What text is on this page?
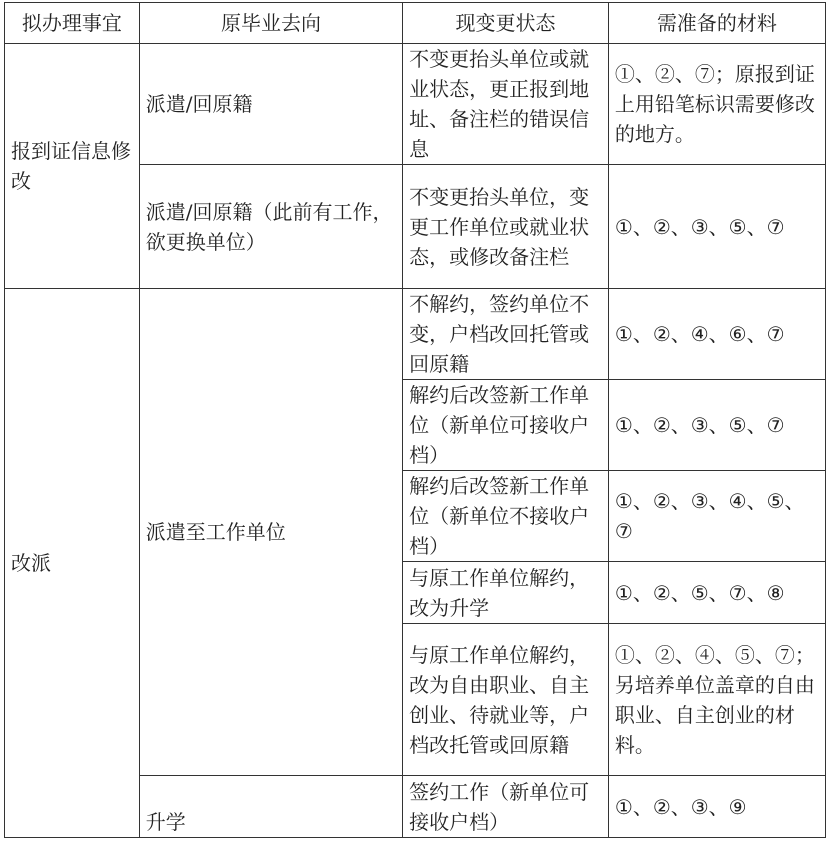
拟办理事宜	原毕业去向	现变更状态	需准备的材料
报到证信息修改	派遣/回原籍	不变更抬头单位或就业状态，更正报到地址、备注栏的错误信息	①、②、⑦；原报到证上用铅笔标识需要修改的地方。
	派遣/回原籍（此前有工作，欲更换单位）	不变更抬头单位，变更工作单位或就业状态，或修改备注栏	①、②、③、⑤、⑦
改派	派遣至工作单位	不解约，签约单位不变，户档改回托管或回原籍	①、②、④、⑥、⑦
		解约后改签新工作单位（新单位可接收户档）	①、②、③、⑤、⑦
		解约后改签新工作单位（新单位不接收户档）	①、②、③、④、⑤、⑦
		与原工作单位解约，改为升学	①、②、⑤、⑦、⑧
		与原工作单位解约，改为自由职业、自主创业、待就业等，户档改托管或回原籍	①、②、④、⑤、⑦；另培养单位盖章的自由职业、自主创业的材料。
	升学	签约工作（新单位可接收户档）	①、②、③、⑨
